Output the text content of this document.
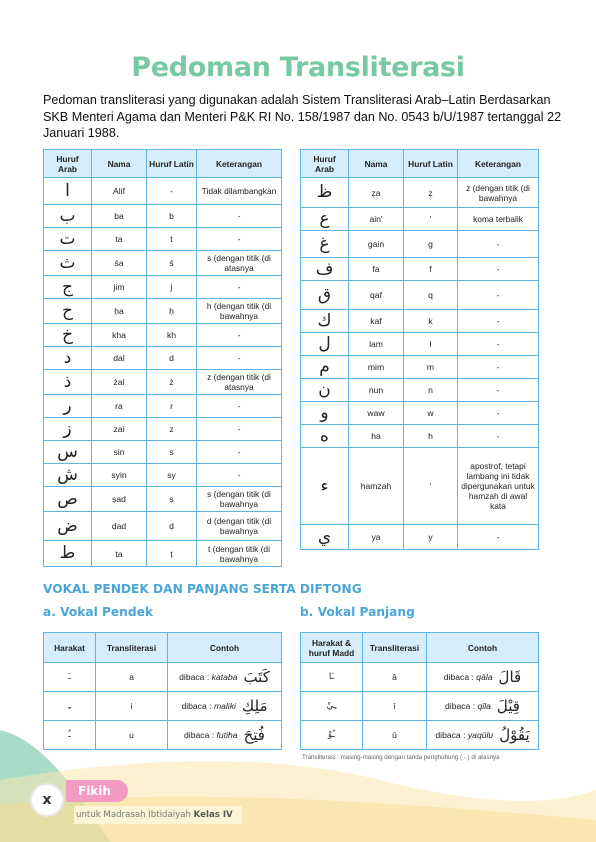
Pedoman Transliterasi

Pedoman transliterasi yang digunakan adalah Sistem Transliterasi Arab–Latin Berdasarkan SKB Menteri Agama dan Menteri P&K RI No. 158/1987 dan No. 0543 b/U/1987 tertanggal 22 Januari 1988.

Huruf Arab	Nama	Huruf Latin	Keterangan
ا	Alif	-	Tidak dilambangkan
ب	ba	b	-
ت	ta	t	-
ث	śa	ś	s (dengan titik (di atasnya
ج	jim	j	-
ح	ḥa	ḥ	h (dengan titik (di bawahnya
خ	kha	kh	-
د	dal	d	-
ذ	żal	ż	z (dengan titik (di atasnya
ر	ra	r	-
ز	zai	z	-
س	sin	s	-
ش	syin	sy	-
ص	ṣad	ṣ	s (dengan titik (di bawahnya
ض	ḍad	ḍ	d (dengan titik (di bawahnya
ط	ṭa	ṭ	t (dengan titik (di bawahnya
Huruf Arab	Nama	Huruf Latin	Keterangan
ظ	ẓa	ẓ	z (dengan titik (di bawahnya
ع	ain'	'	koma terbalik
غ	gain	g	-
ف	fa	f	-
ق	qaf	q	-
ك	kaf	k	-
ل	lam	l	-
م	mim	m	-
ن	nun	n	-
و	waw	w	-
ه	ha	h	-
ء	hamzah	'	apostrof, tetapi lambang ini tidak dipergunakan untuk hamzah di awal kata
ي	ya	y	-
VOKAL PENDEK DAN PANJANG SERTA DIFTONG
a. Vokal Pendek	b. Vokal Panjang
Harakat	Transliterasi	Contoh
ـَ	a	dibaca : kataba كَتَبَ

ـِ	i	dibaca : maliki مَلِكِ

ـُ	u	dibaca : futiha فُتِحَ
Harakat & huruf Madd	Transliterasi	Contoh
ـَا	ā	dibaca : qāla قَالَ

ـِيْ	ī	dibaca : qīla قِيْلَ

ـُوْ	ū	dibaca : yaqūlu يَقُوْلُ
Transliterasi : masing-masing dengan tanda penghubung ( - ) di atasnya
x
Fikih
untuk Madrasah Ibtidaiyah Kelas IV
